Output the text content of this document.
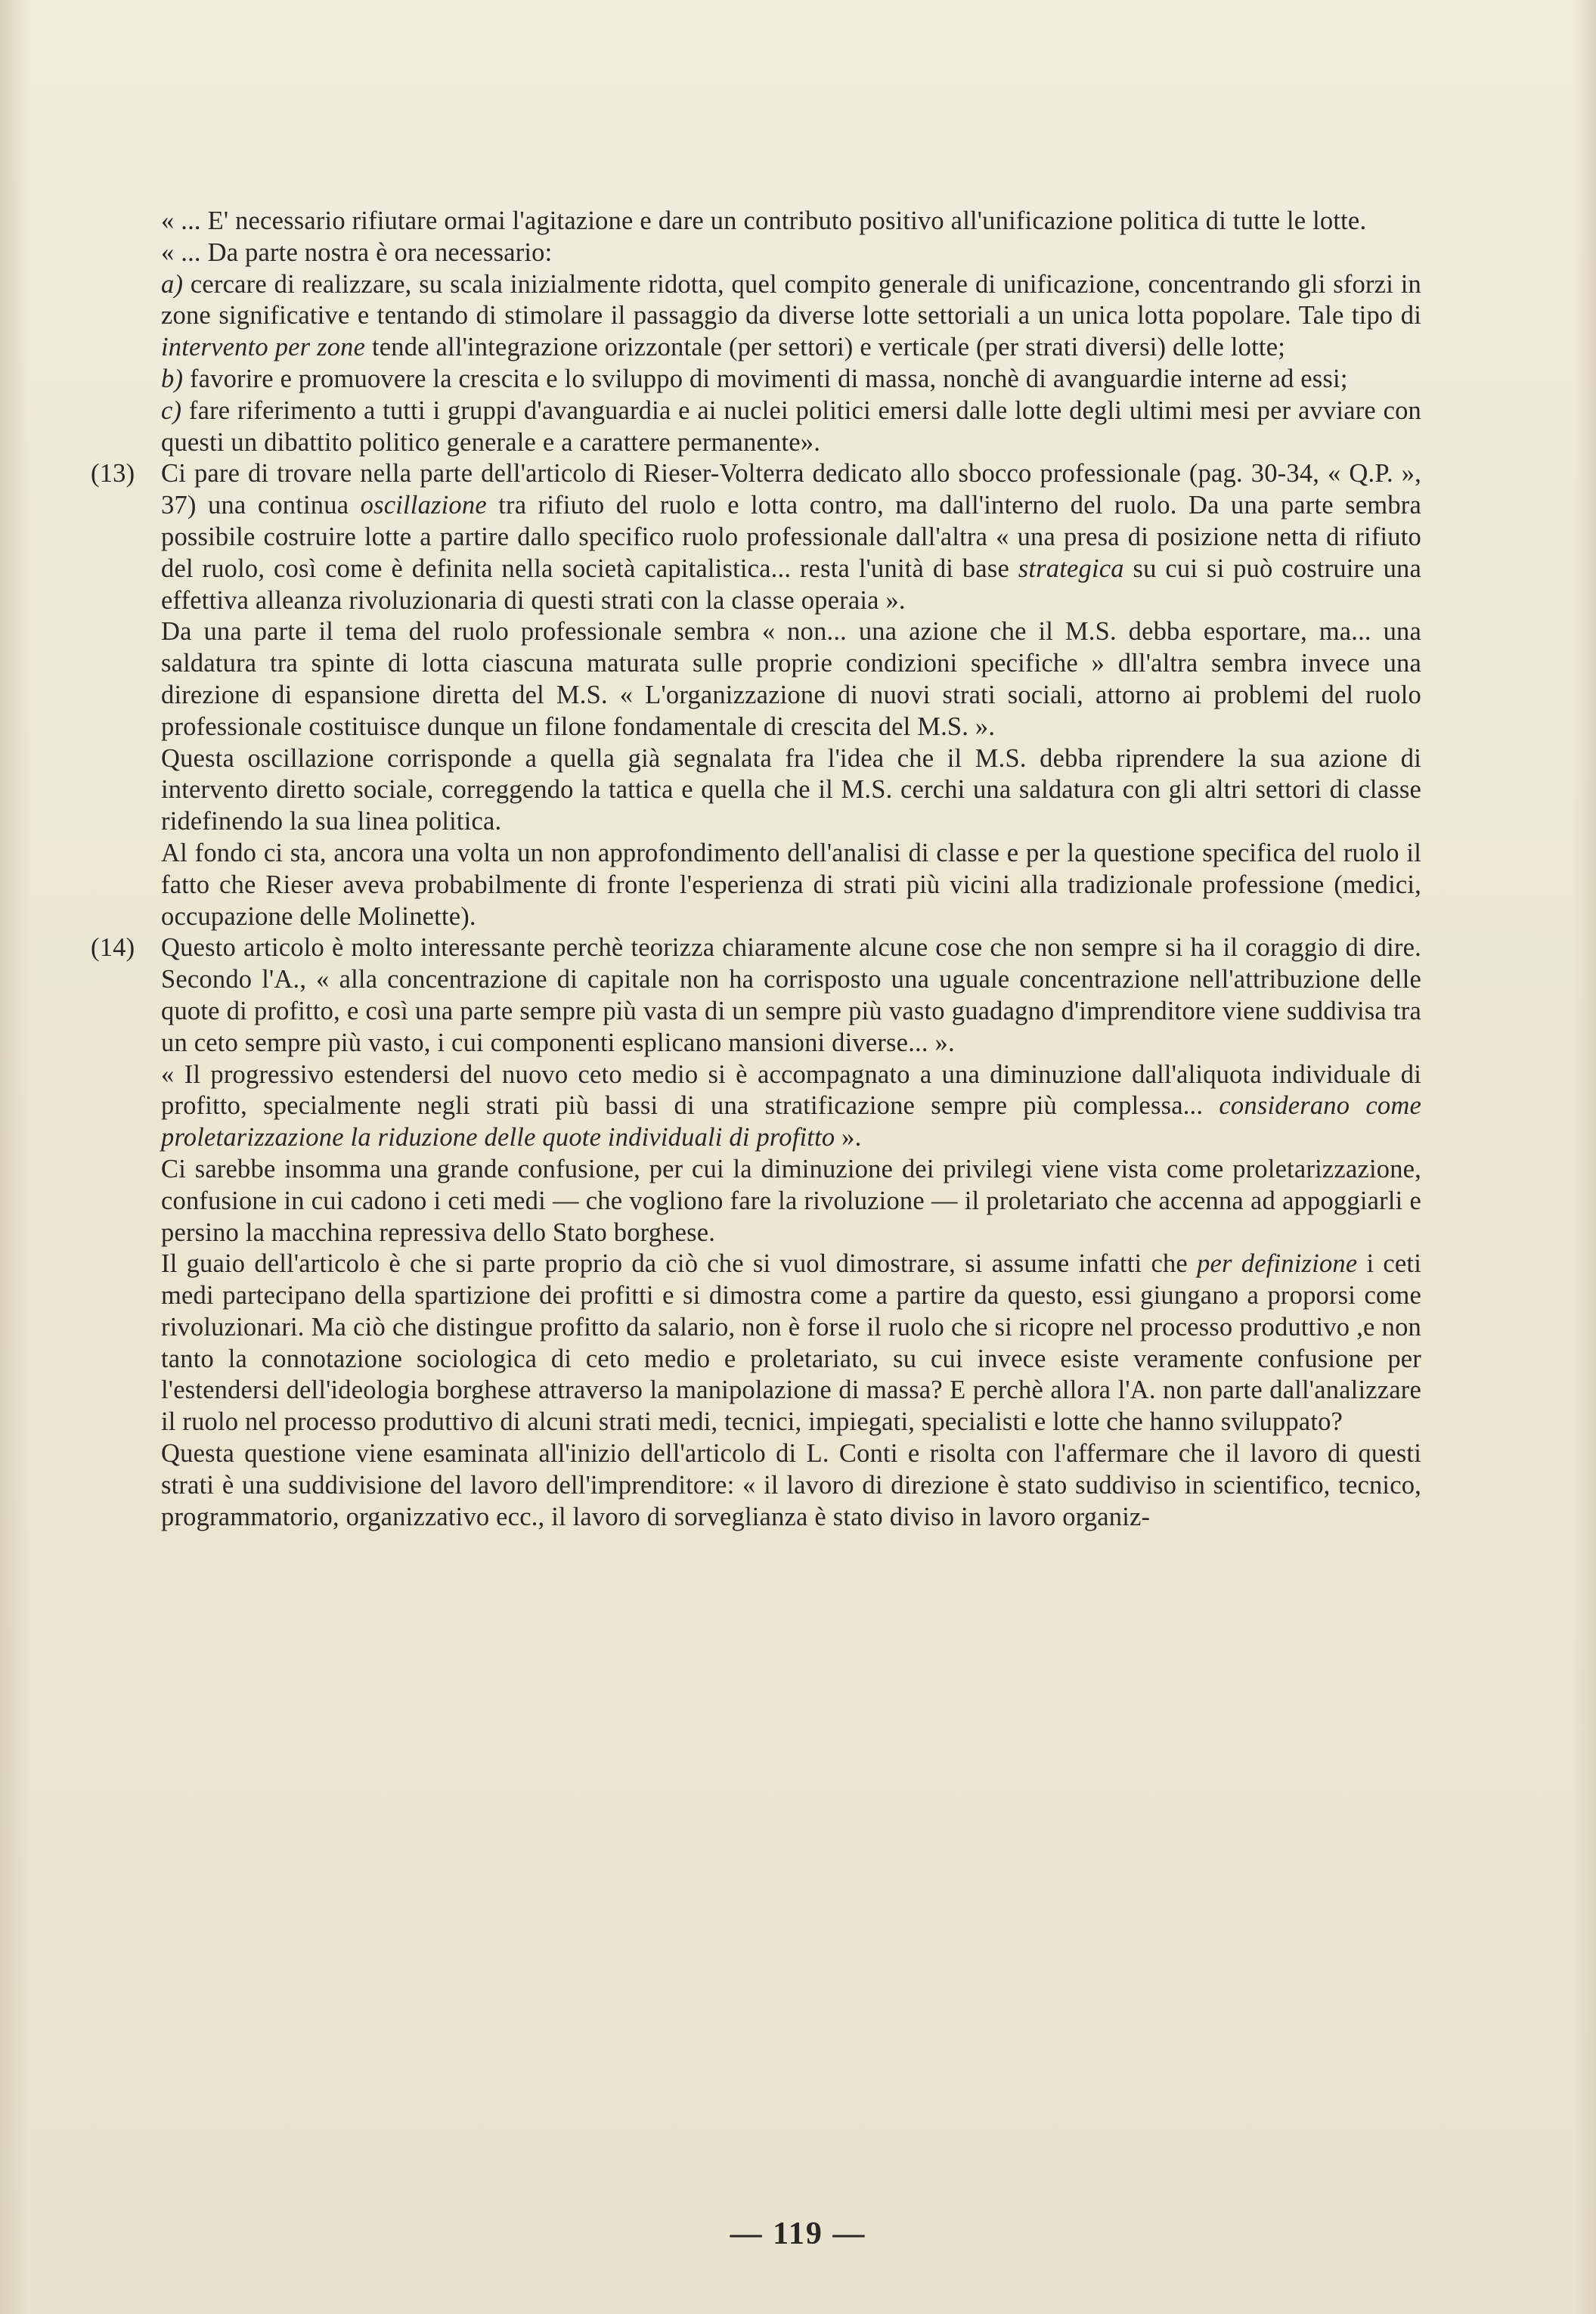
« ... E' necessario rifiutare ormai l'agitazione e dare un contributo positivo all'unificazione politica di tutte le lotte.

« ... Da parte nostra è ora necessario:

a) cercare di realizzare, su scala inizialmente ridotta, quel compito generale di unificazione, concentrando gli sforzi in zone significative e tentando di stimolare il passaggio da diverse lotte settoriali a un unica lotta popolare. Tale tipo di intervento per zone tende all'integrazione orizzontale (per settori) e verticale (per strati diversi) delle lotte;

b) favorire e promuovere la crescita e lo sviluppo di movimenti di massa, nonchè di avanguardie interne ad essi;

c) fare riferimento a tutti i gruppi d'avanguardia e ai nuclei politici emersi dalle lotte degli ultimi mesi per avviare con questi un dibattito politico generale e a carattere permanente».

(13) Ci pare di trovare nella parte dell'articolo di Rieser-Volterra dedicato allo sbocco professionale (pag. 30-34, « Q.P. », 37) una continua oscillazione tra rifiuto del ruolo e lotta contro, ma dall'interno del ruolo. Da una parte sembra possibile costruire lotte a partire dallo specifico ruolo professionale dall'altra « una presa di posizione netta di rifiuto del ruolo, così come è definita nella società capitalistica... resta l'unità di base strategica su cui si può costruire una effettiva alleanza rivoluzionaria di questi strati con la classe operaia ».

Da una parte il tema del ruolo professionale sembra « non... una azione che il M.S. debba esportare, ma... una saldatura tra spinte di lotta ciascuna maturata sulle proprie condizioni specifiche » dll'altra sembra invece una direzione di espansione diretta del M.S. « L'organizzazione di nuovi strati sociali, attorno ai problemi del ruolo professionale costituisce dunque un filone fondamentale di crescita del M.S. ».

Questa oscillazione corrisponde a quella già segnalata fra l'idea che il M.S. debba riprendere la sua azione di intervento diretto sociale, correggendo la tattica e quella che il M.S. cerchi una saldatura con gli altri settori di classe ridefinendo la sua linea politica.

Al fondo ci sta, ancora una volta un non approfondimento dell'analisi di classe e per la questione specifica del ruolo il fatto che Rieser aveva probabilmente di fronte l'esperienza di strati più vicini alla tradizionale professione (medici, occupazione delle Molinette).

(14) Questo articolo è molto interessante perchè teorizza chiaramente alcune cose che non sempre si ha il coraggio di dire. Secondo l'A., « alla concentrazione di capitale non ha corrisposto una uguale concentrazione nell'attribuzione delle quote di profitto, e così una parte sempre più vasta di un sempre più vasto guadagno d'imprenditore viene suddivisa tra un ceto sempre più vasto, i cui componenti esplicano mansioni diverse... ».

« Il progressivo estendersi del nuovo ceto medio si è accompagnato a una diminuzione dall'aliquota individuale di profitto, specialmente negli strati più bassi di una stratificazione sempre più complessa... considerano come proletarizzazione la riduzione delle quote individuali di profitto ».

Ci sarebbe insomma una grande confusione, per cui la diminuzione dei privilegi viene vista come proletarizzazione, confusione in cui cadono i ceti medi — che vogliono fare la rivoluzione — il proletariato che accenna ad appoggiarli e persino la macchina repressiva dello Stato borghese.

Il guaio dell'articolo è che si parte proprio da ciò che si vuol dimostrare, si assume infatti che per definizione i ceti medi partecipano della spartizione dei profitti e si dimostra come a partire da questo, essi giungano a proporsi come rivoluzionari. Ma ciò che distingue profitto da salario, non è forse il ruolo che si ricopre nel processo produttivo ,e non tanto la connotazione sociologica di ceto medio e proletariato, su cui invece esiste veramente confusione per l'estendersi dell'ideologia borghese attraverso la manipolazione di massa? E perchè allora l'A. non parte dall'analizzare il ruolo nel processo produttivo di alcuni strati medi, tecnici, impiegati, specialisti e lotte che hanno sviluppato?

Questa questione viene esaminata all'inizio dell'articolo di L. Conti e risolta con l'affermare che il lavoro di questi strati è una suddivisione del lavoro dell'imprenditore: « il lavoro di direzione è stato suddiviso in scientifico, tecnico, programmatorio, organizzativo ecc., il lavoro di sorveglianza è stato diviso in lavoro organiz-

— 119 —
